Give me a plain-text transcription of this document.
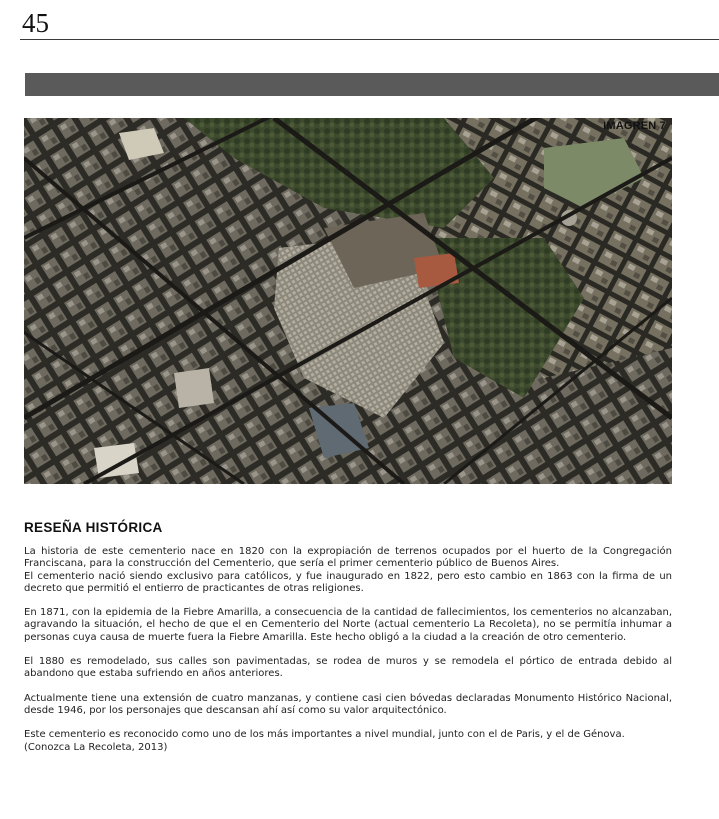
45
IMAGREN 7
RESEÑA HISTÓRICA

La historia de este cementerio nace en 1820 con la expropiación de terrenos ocupados por el huerto de la Congregación Franciscana, para la construcción del Cementerio, que sería el primer cementerio público de Buenos Aires.
El cementerio nació siendo exclusivo para católicos, y fue inaugurado en 1822, pero esto cambio en 1863 con la firma de un decreto que permitió el entierro de practicantes de otras religiones.

En 1871, con la epidemia de la Fiebre Amarilla, a consecuencia de la cantidad de fallecimientos, los cementerios no alcanzaban, agravando la situación, el hecho de que el en Cementerio del Norte (actual cementerio La Recoleta), no se permitía inhumar a personas cuya causa de muerte fuera la Fiebre Amarilla. Este hecho obligó a la ciudad a la creación de otro cementerio.

El 1880 es remodelado, sus calles son pavimentadas, se rodea de muros y se remodela el pórtico de entrada debido al abandono que estaba sufriendo en años anteriores.

Actualmente tiene una extensión de cuatro manzanas, y contiene casi cien bóvedas declaradas Monumento Histórico Nacional, desde 1946, por los personajes que descansan ahí así como su valor arquitectónico.

Este cementerio es reconocido como uno de los más importantes a nivel mundial, junto con el de Paris, y el de Génova.
(Conozca La Recoleta, 2013)
